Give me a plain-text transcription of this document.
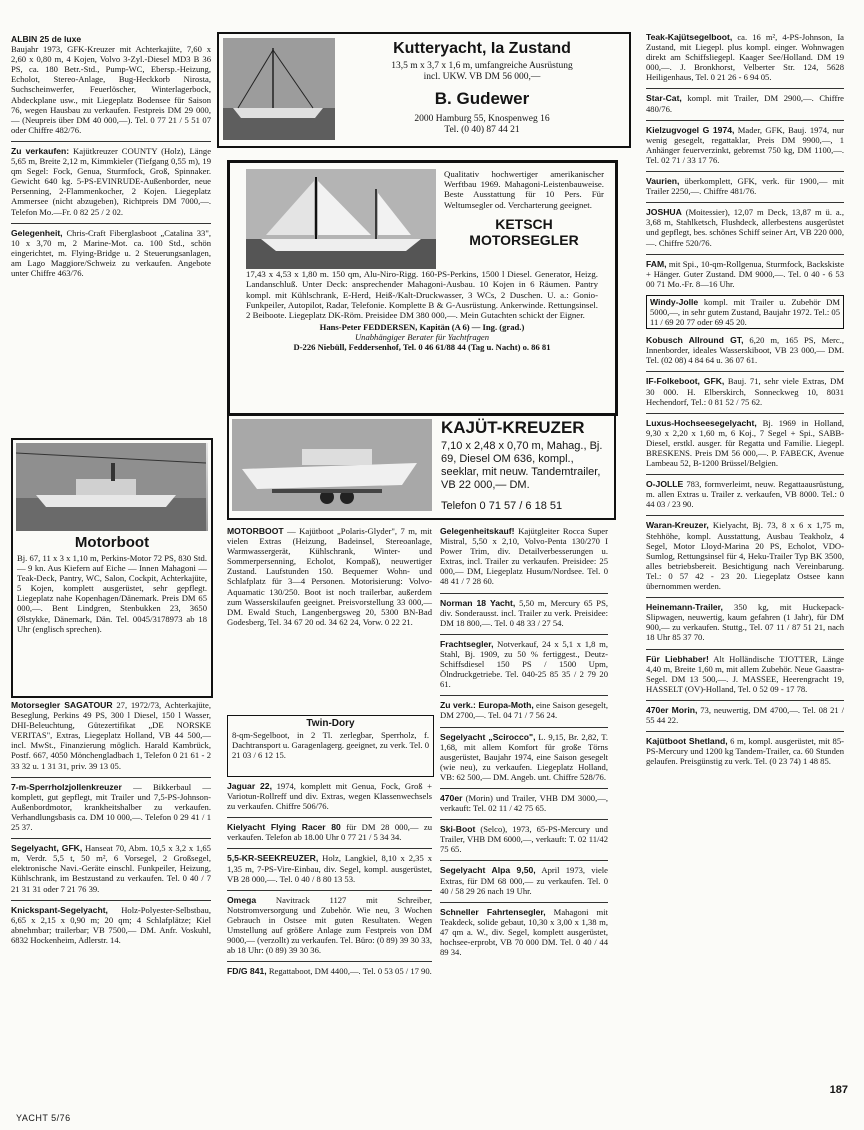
ALBIN 25 de luxe
Baujahr 1973, GFK-Kreuzer mit Achterkajüte, 7,60 x 2,60 x 0,80 m, 4 Kojen, Volvo 3-Zyl.-Diesel MD3 B 36 PS, ca. 180 Betr.-Std., Pump-WC, Ebersp.-Heizung, Echolot, Stereo-Anlage, Bug-Heckkorb Nirosta, Suchscheinwerfer, Feuerlöscher, Winterlagerbock, Abdeckplane usw., mit Liegeplatz Bodensee für Saison 76, wegen Hausbau zu verkaufen. Festpreis DM 29 000,— (Neupreis über DM 40 000,—). Tel. 0 77 21 / 5 51 07 oder Chiffre 482/76.

Zu verkaufen: Kajütkreuzer COUNTY (Holz), Länge 5,65 m, Breite 2,12 m, Kimmkieler (Tiefgang 0,55 m), 19 qm Segel: Fock, Genua, Sturmfock, Groß, Spinnaker. Gewicht 640 kg. 5-PS-EVINRUDE-Außenborder, neue Persenning, 2-Flammenkocher, 2 Kojen. Liegeplatz Ammersee (nicht abzugeben), Richtpreis DM 7000,—. Telefon Mo.—Fr. 0 82 25 / 2 02.

Gelegenheit, Chris-Craft Fiberglasboot „Catalina 33", 10 x 3,70 m, 2 Marine-Mot. ca. 100 Std., schön eingerichtet, m. Flying-Bridge u. 2 Steuerungsanlagen, am Lago Maggiore/Schweiz zu verkaufen. Angebote unter Chiffre 463/76.

Motorboot

Bj. 67, 11 x 3 x 1,10 m, Perkins-Motor 72 PS, 830 Std. — 9 kn. Aus Kiefern auf Eiche — Innen Mahagoni — Teak-Deck, Pantry, WC, Salon, Cockpit, Achterkajüte, 5 Kojen, komplett ausgerüstet, sehr gepflegt. Liegeplatz nahe Kopenhagen/Dänemark. Preis DM 65 000,—. Bent Lindgren, Stenbukken 23, 3650 Ølstykke, Dänemark, Dän. Tel. 0045/3178973 ab 18 Uhr (englisch sprechen).

Motorsegler SAGATOUR 27, 1972/73, Achterkajüte, Beseglung, Perkins 49 PS, 300 l Diesel, 150 l Wasser, DHI-Beleuchtung, Gütezertifikat „DE NORSKE VERITAS", Extras, Liegeplatz Holland, VB 44 500,— incl. MwSt., Finanzierung möglich. Harald Kambrück, Postf. 667, 4050 Mönchengladbach 1, Telefon 0 21 61 - 2 33 32 u. 1 31 31, priv. 39 13 05.

7-m-Sperrholzjollenkreuzer — Bikkerbaul — komplett, gut gepflegt, mit Trailer und 7,5-PS-Johnson-Außenbordmotor, krankheitshalber zu verkaufen. Verhandlungsbasis ca. DM 10 000,—. Telefon 0 29 41 / 1 25 37.

Segelyacht, GFK, Hanseat 70, Abm. 10,5 x 3,2 x 1,65 m, Verdr. 5,5 t, 50 m², 6 Vorsegel, 2 Großsegel, elektronische Navi.-Geräte einschl. Funkpeiler, Heizung, Kühlschrank, im Bestzustand zu verkaufen. Tel. 0 40 / 7 21 31 31 oder 7 21 76 39.

Knickspant-Segelyacht, Holz-Polyester-Selbstbau, 6,65 x 2,15 x 0,90 m; 20 qm; 4 Schlafplätze; Kiel abnehmbar; trailerbar; VB 7500,— DM. Anfr. Voskuhl, 6832 Hockenheim, Adlerstr. 14.

Kutteryacht, Ia Zustand
13,5 m x 3,7 x 1,6 m, umfangreiche Ausrüstung
incl. UKW. VB DM 56 000,—
B. Gudewer
2000 Hamburg 55, Knospenweg 16
Tel. (0 40) 87 44 21

Qualitativ hochwertiger amerikanischer Werftbau 1969. Mahagoni-Leistenbauweise. Beste Ausstattung für 10 Pers. Für Weltumsegler od. Vercharterung geeignet.

KETSCH
MOTORSEGLER

17,43 x 4,53 x 1,80 m. 150 qm, Alu-Niro-Rigg. 160-PS-Perkins, 1500 l Diesel. Generator, Heizg. Landanschluß. Unter Deck: ansprechender Mahagoni-Ausbau. 10 Kojen in 6 Räumen. Pantry kompl. mit Kühlschrank, E-Herd, Heiß-/Kalt-Druckwasser, 3 WCs, 2 Duschen. U. a.: Gonio-Funkpeiler, Autopilot, Radar, Telefonie. Komplette B & G-Ausrüstung. Ankerwinde. Rettungsinsel. 2 Beiboote. Liegeplatz DK-Röm. Preisidee DM 380 000,—. Mein Gutachten schickt der Eigner.

Hans-Peter FEDDERSEN, Kapitän (A 6) — Ing. (grad.)
Unabhängiger Berater für Yachtfragen
D-226 Niebüll, Feddersenhof, Tel. 0 46 61/88 44 (Tag u. Nacht) o. 86 81
KAJÜT-KREUZER
7,10 x 2,48 x 0,70 m, Mahag., Bj. 69, Diesel OM 636, kompl., seeklar, mit neuw. Tandemtrailer, VB 22 000,— DM.
Telefon 0 71 57 / 6 18 51

MOTORBOOT — Kajütboot „Polaris-Glyder", 7 m, mit vielen Extras (Heizung, Badeinsel, Stereoanlage, Warmwassergerät, Kühlschrank, Winter- und Sommerpersenning, Echolot, Kompaß), neuwertiger Zustand. Laufstunden 150. Bequemer Wohn- und Schlafplatz für 3—4 Personen. Motorisierung: Volvo-Aquamatic 130/250. Boot ist noch trailerbar, außerdem zum Wasserskilaufen geeignet. Preisvorstellung 33 000,— DM. Ewald Stuch, Langenbergsweg 20, 5300 BN-Bad Godesberg, Tel. 34 67 20 od. 34 62 24, Vorw. 0 22 21.

Twin-Dory

8-qm-Segelboot, in 2 Tl. zerlegbar, Sperrholz, f. Dachtransport u. Garagenlagerg. geeignet, zu verk. Tel. 0 21 03 / 6 12 15.

Jaguar 22, 1974, komplett mit Genua, Fock, Groß + Variotun-Rollreff und div. Extras, wegen Klassenwechsels zu verkaufen. Chiffre 506/76.

Kielyacht Flying Racer 80 für DM 28 000,— zu verkaufen. Telefon ab 18.00 Uhr 0 77 21 / 5 34 34.

5,5-KR-SEEKREUZER, Holz, Langkiel, 8,10 x 2,35 x 1,35 m, 7-PS-Vire-Einbau, div. Segel, kompl. ausgerüstet, VB 28 000,—. Tel. 0 40 / 8 80 13 53.

Omega Navitrack 1127 mit Schreiber, Notstromversorgung und Zubehör. Wie neu, 3 Wochen Gebrauch in Ostsee mit guten Resultaten. Wegen Umstellung auf größere Anlage zum Festpreis von DM 9000,— (verzollt) zu verkaufen. Tel. Büro: (0 89) 39 30 33, ab 18 Uhr: (0 89) 39 30 36.

FD/G 841, Regattaboot, DM 4400,—. Tel. 0 53 05 / 17 90.

Gelegenheitskauf! Kajütgleiter Rocca Super Mistral, 5,50 x 2,10, Volvo-Penta 130/270 I Power Trim, div. Detailverbesserungen u. Extras, incl. Trailer zu verkaufen. Preisidee: 25 000,— DM, Liegeplatz Husum/Nordsee. Tel. 0 48 41 / 7 28 60.

Norman 18 Yacht, 5,50 m, Mercury 65 PS, div. Sonderausst. incl. Trailer zu verk. Preisidee: DM 18 800,—. Tel. 0 48 33 / 27 54.

Frachtsegler, Notverkauf, 24 x 5,1 x 1,8 m, Stahl, Bj. 1909, zu 50 % fertiggest., Deutz-Schiffsdiesel 150 PS / 1500 Upm, Ölndruckgetriebe. Tel. 040-25 85 35 / 2 79 20 61.

Zu verk.: Europa-Moth, eine Saison gesegelt, DM 2700,—. Tel. 04 71 / 7 56 24.

Segelyacht „Scirocco", L. 9,15, Br. 2,82, T. 1,68, mit allem Komfort für große Törns ausgerüstet, Baujahr 1974, eine Saison gesegelt (wie neu), zu verkaufen. Liegeplatz Holland, VB: 62 500,— DM. Angeb. unt. Chiffre 528/76.

470er (Morin) und Trailer, VHB DM 3000,—, verkauft: Tel. 02 11 / 42 75 65.

Ski-Boot (Selco), 1973, 65-PS-Mercury und Trailer, VHB DM 6000,—, verkauft: T. 02 11/42 75 65.

Segelyacht Alpa 9,50, April 1973, viele Extras, für DM 68 000,— zu verkaufen. Tel. 0 40 / 58 29 26 nach 19 Uhr.

Schneller Fahrtensegler, Mahagoni mit Teakdeck, solide gebaut, 10,30 x 3,00 x 1,38 m, 47 qm a. W., div. Segel, komplett ausgerüstet, hochsee-erprobt, VB 70 000 DM. Tel. 0 40 / 44 89 34.

Teak-Kajütsegelboot, ca. 16 m², 4-PS-Johnson, Ia Zustand, mit Liegepl. plus kompl. einger. Wohnwagen direkt am Schiffsliegepl. Kaager See/Holland. DM 19 000,—. J. Bronkhorst, Velberter Str. 124, 5628 Heiligenhaus, Tel. 0 21 26 - 6 94 05.

Star-Cat, kompl. mit Trailer, DM 2900,—. Chiffre 480/76.

Kielzugvogel G 1974, Mader, GFK, Bauj. 1974, nur wenig gesegelt, regattaklar, Preis DM 9900,—, 1 Anhänger feuerverzinkt, gebremst 750 kg, DM 1100,—. Tel. 02 71 / 33 17 76.

Vaurien, überkomplett, GFK, verk. für 1900,— mit Trailer 2250,—. Chiffre 481/76.

JOSHUA (Moitessier), 12,07 m Deck, 13,87 m ü. a., 3,68 m, Stahlketsch, Flushdeck, allerbestens ausgerüstet und gepflegt, bes. schönes Schiff seiner Art, VB 220 000,—. Chiffre 520/76.

FAM, mit Spi., 10-qm-Rollgenua, Sturmfock, Backskiste + Hänger. Guter Zustand. DM 9000,—. Tel. 0 40 - 6 53 00 71 Mo.-Fr. 8—16 Uhr.

Windy-Jolle kompl. mit Trailer u. Zubehör DM 5000,—, in sehr gutem Zustand, Baujahr 1972. Tel.: 05 11 / 69 20 77 oder 69 45 20.

Kobusch Allround GT, 6,20 m, 165 PS, Merc., Innenborder, ideales Wasserskiboot, VB 23 000,— DM. Tel. (02 08) 4 84 64 u. 36 07 61.

IF-Folkeboot, GFK, Bauj. 71, sehr viele Extras, DM 30 000. H. Elberskirch, Sonneckweg 10, 8031 Hechendorf, Tel.: 0 81 52 / 75 62.

Luxus-Hochseesegelyacht, Bj. 1969 in Holland, 9,30 x 2,20 x 1,60 m, 6 Koj., 7 Segel + Spi., SABB-Diesel, erstkl. ausger. für Regatta und Familie. Liegepl. BRESKENS. Preis DM 56 000,—. P. FABECK, Avenue Lambeau 52, B-1200 Brüssel/Belgien.

O-JOLLE 783, formverleimt, neuw. Regattaausrüstung, m. allen Extras u. Trailer z. verkaufen, VB 8000. Tel.: 0 44 03 / 23 90.

Waran-Kreuzer, Kielyacht, Bj. 73, 8 x 6 x 1,75 m, Stehhöhe, kompl. Ausstattung, Ausbau Teakholz, 4 Segel, Motor Lloyd-Marina 20 PS, Echolot, VDO-Sumlog, Rettungsinsel für 4, Heku-Trailer Typ BK 3500, alles betriebsbereit. Besichtigung nach Vereinbarung. Tel.: 0 57 42 - 23 20. Liegeplatz Ostsee kann übernommen werden.

Heinemann-Trailer, 350 kg, mit Huckepack-Slipwagen, neuwertig, kaum gefahren (1 Jahr), für DM 900,— zu verkaufen. Stuttg., Tel. 07 11 / 87 51 21, nach 18 Uhr 85 37 70.

Für Liebhaber! Alt Holländische TJOTTER, Länge 4,40 m, Breite 1,60 m, mit allem Zubehör. Neue Gaastra-Segel. DM 13 500,—. J. MASSEE, Heerengracht 19, HASSELT (OV)-Holland, Tel. 0 52 09 - 17 78.

470er Morin, 73, neuwertig, DM 4700,—. Tel. 08 21 / 55 44 22.

Kajütboot Shetland, 6 m, kompl. ausgerüstet, mit 85-PS-Mercury und 1200 kg Tandem-Trailer, ca. 60 Stunden gelaufen. Preisgünstig zu verk. Tel. (0 23 74) 1 48 85.

YACHT 5/76
187
